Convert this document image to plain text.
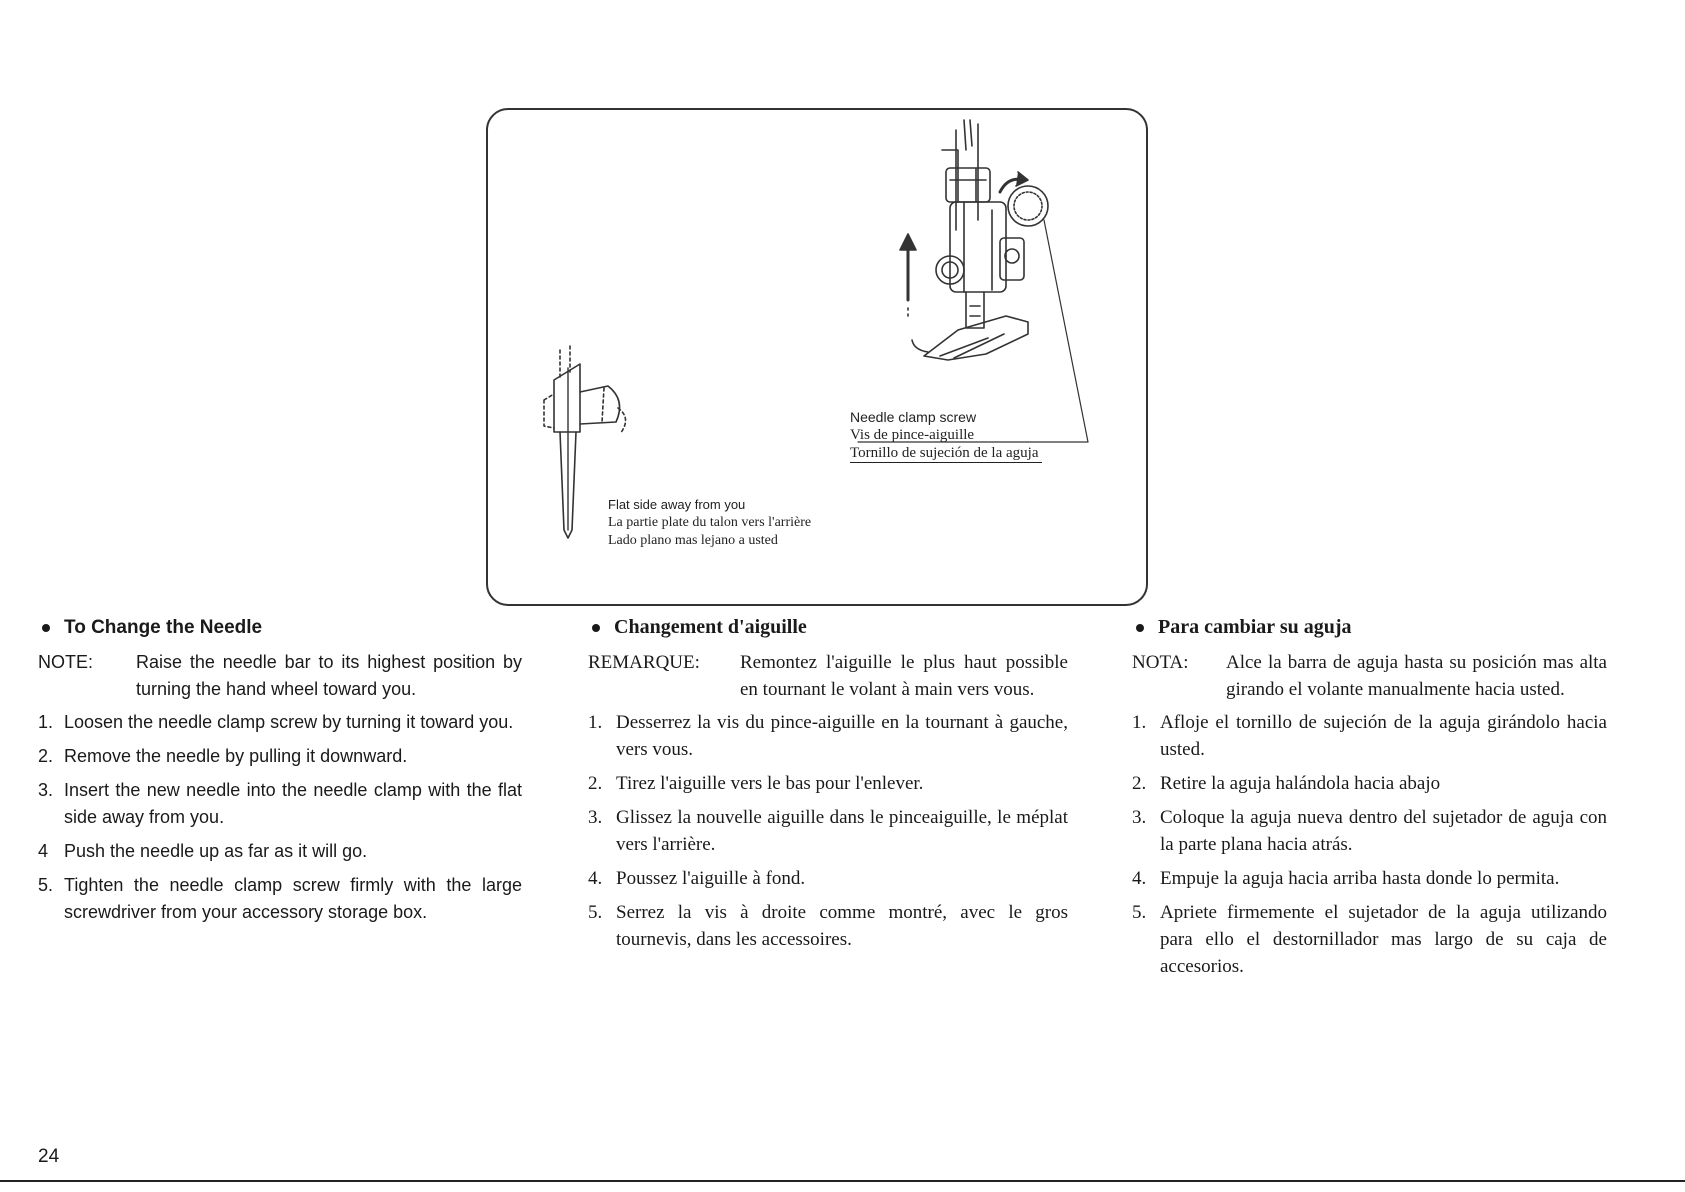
Needle clamp screw
Vis de pince-aiguille
Tornillo de sujeción de la aguja
Flat side away from you
La partie plate du talon vers l'arrière
Lado plano mas lejano a usted
To Change the Needle
NOTE:	Raise the needle bar to its highest position by turning the hand wheel toward you.
1. Loosen the needle clamp screw by turning it toward you.
2. Remove the needle by pulling it downward.
3. Insert the new needle into the needle clamp with the flat side away from you.
4 Push the needle up as far as it will go.
5. Tighten the needle clamp screw firmly with the large screwdriver from your accessory storage box.
Changement d'aiguille
REMARQUE:	Remontez l'aiguille le plus haut possible en tournant le volant à main vers vous.
1. Desserrez la vis du pince-aiguille en la tournant à gauche, vers vous.
2. Tirez l'aiguille vers le bas pour l'enlever.
3. Glissez la nouvelle aiguille dans le pinceaiguille, le méplat vers l'arrière.
4. Poussez l'aiguille à fond.
5. Serrez la vis à droite comme montré, avec le gros tournevis, dans les accessoires.
Para cambiar su aguja
NOTA:	Alce la barra de aguja hasta su posición mas alta girando el volante manualmente hacia usted.
1. Afloje el tornillo de sujeción de la aguja girándolo hacia usted.
2. Retire la aguja halándola hacia abajo
3. Coloque la aguja nueva dentro del sujetador de aguja con la parte plana hacia atrás.
4. Empuje la aguja hacia arriba hasta donde lo permita.
5. Apriete firmemente el sujetador de la aguja utilizando para ello el destornillador mas largo de su caja de accesorios.
24
